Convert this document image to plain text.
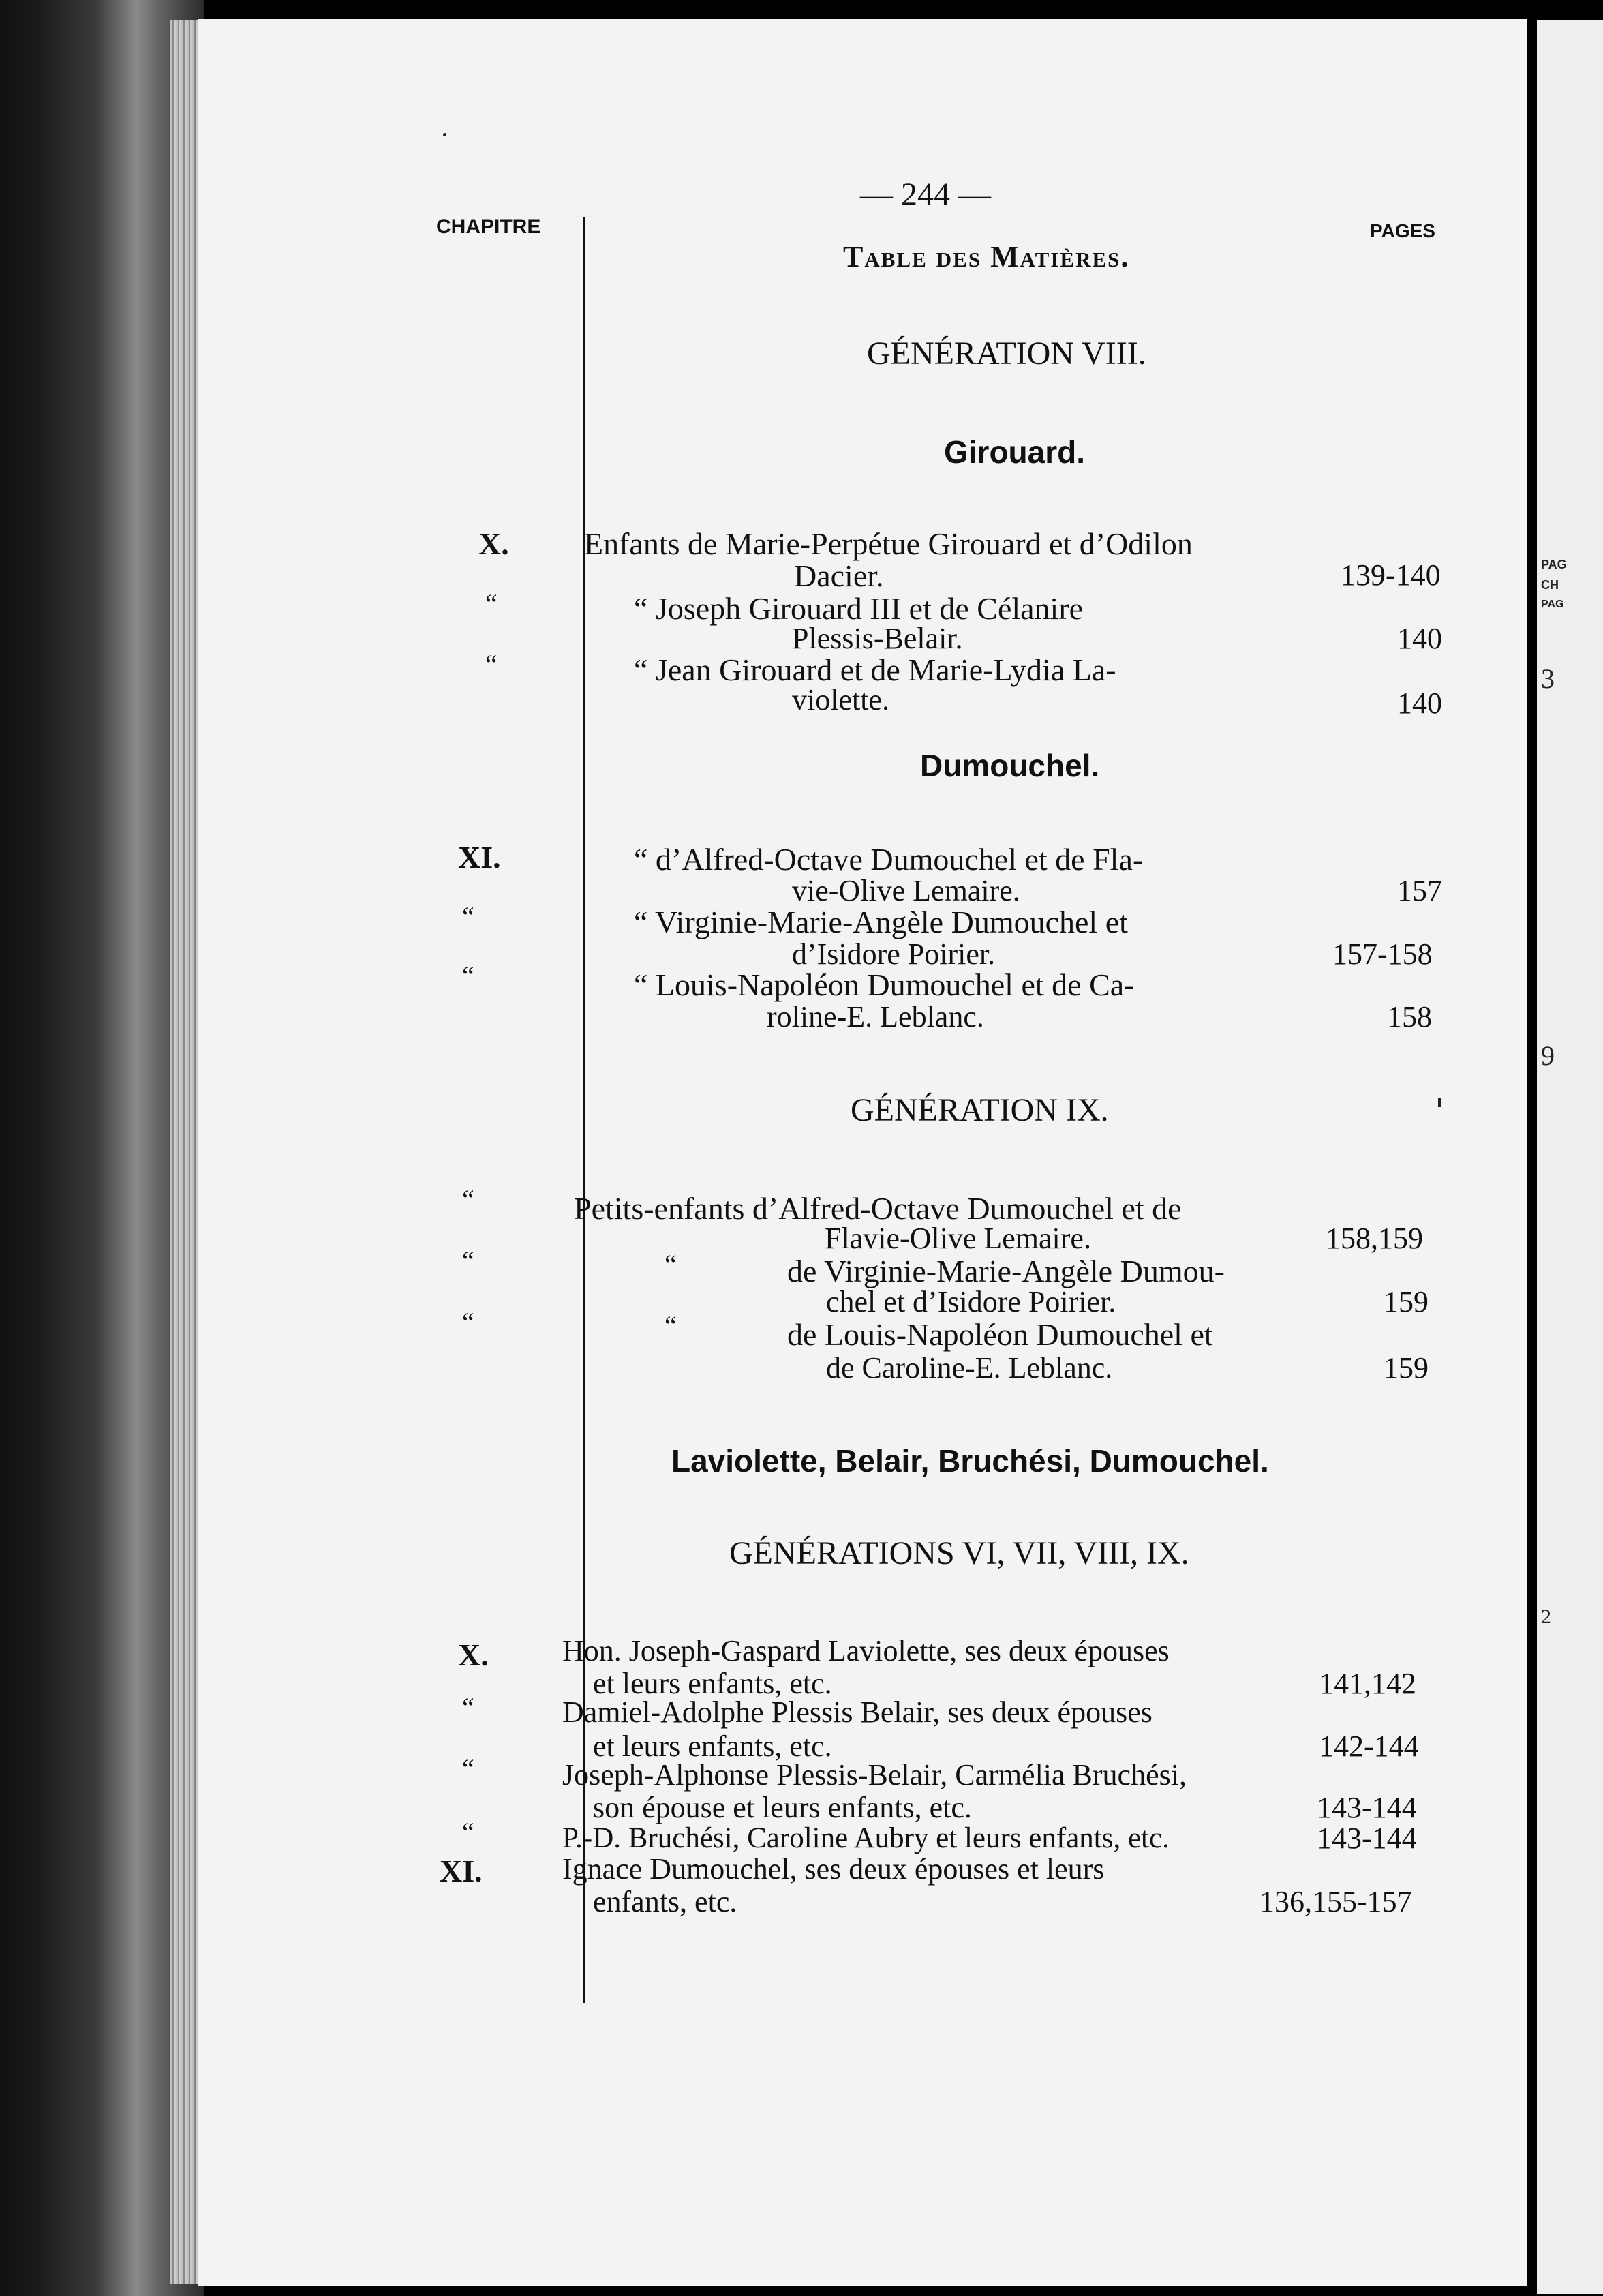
PAG
CH
PAG
3
9
2
— 244 —
CHAPITRE
Table des Matières.
PAGES
GÉNÉRATION VIII.
Girouard.
X. Enfants de Marie-Perpétue Girouard et d’Odilon
Dacier.	139-140
“	“ Joseph Girouard III et de Célanire
Plessis-Belair.	140
“	“ Jean Girouard et de Marie-Lydia La-
violette.	140
Dumouchel.
XI.	“ d’Alfred-Octave Dumouchel et de Fla-
vie-Olive Lemaire.	157
“	“ Virginie-Marie-Angèle Dumouchel et
d’Isidore Poirier.	157-158
“	“ Louis-Napoléon Dumouchel et de Ca-
roline-E. Leblanc.	158
GÉNÉRATION IX.
“	Petits-enfants d’Alfred-Octave Dumouchel et de
Flavie-Olive Lemaire.	158,159
“	“	de Virginie-Marie-Angèle Dumou-
chel et d’Isidore Poirier.	159
“	“	de Louis-Napoléon Dumouchel et
de Caroline-E. Leblanc.	159
Laviolette, Belair, Bruchési, Dumouchel.
GÉNÉRATIONS VI, VII, VIII, IX.
X. Hon. Joseph-Gaspard Laviolette, ses deux épouses
et leurs enfants, etc.	141,142
“	Damiel-Adolphe Plessis Belair, ses deux épouses
et leurs enfants, etc.	142-144
“	Joseph-Alphonse Plessis-Belair, Carmélia Bruchési,
son épouse et leurs enfants, etc.	143-144
“	P.-D. Bruchési, Caroline Aubry et leurs enfants, etc.	143-144
XI.	Ignace Dumouchel, ses deux épouses et leurs
enfants, etc.	136,155-157
